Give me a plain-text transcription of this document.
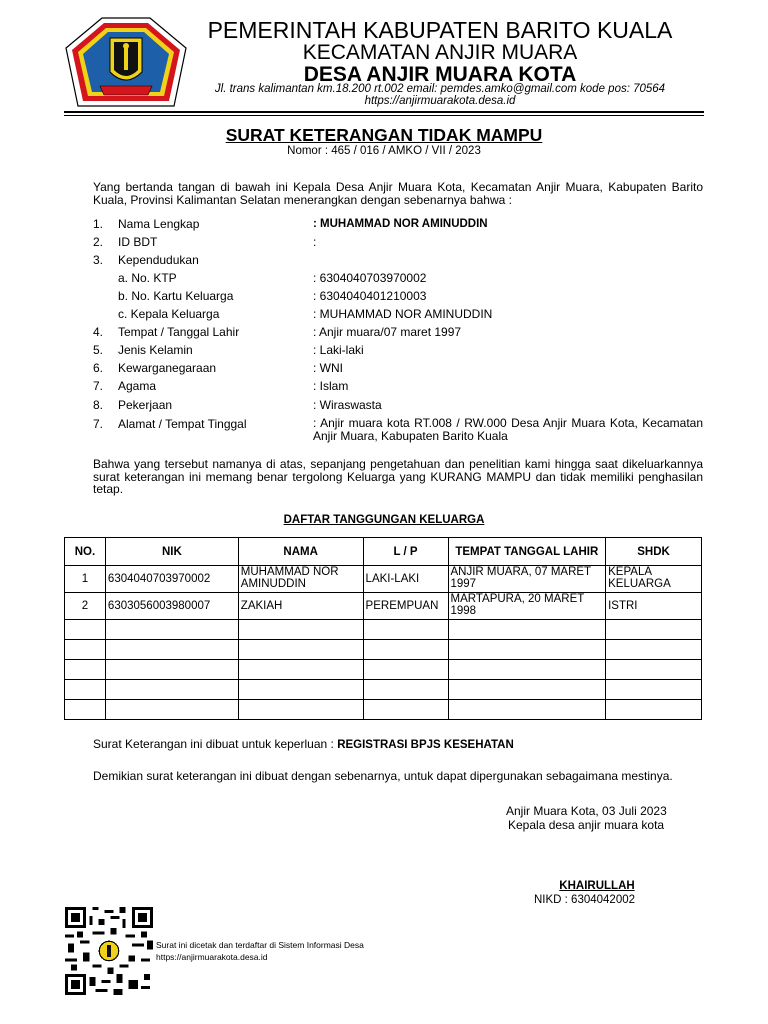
PEMERINTAH KABUPATEN BARITO KUALA
KECAMATAN ANJIR MUARA
DESA ANJIR MUARA KOTA
Jl. trans kalimantan km.18.200 rt.002 email: pemdes.amko@gmail.com kode pos: 70564
https://anjirmuarakota.desa.id
SURAT KETERANGAN TIDAK MAMPU
Nomor : 465 / 016 / AMKO / VII / 2023
Yang bertanda tangan di bawah ini Kepala Desa Anjir Muara Kota, Kecamatan Anjir Muara, Kabupaten Barito Kuala, Provinsi Kalimantan Selatan menerangkan dengan sebenarnya bahwa :
1. Nama Lengkap	: MUHAMMAD NOR AMINUDDIN
2. ID BDT	:
3. Kependudukan
a. No. KTP	: 6304040703970002
b. No. Kartu Keluarga	: 6304040401210003
c. Kepala Keluarga	: MUHAMMAD NOR AMINUDDIN
4. Tempat / Tanggal Lahir	: Anjir muara/07 maret 1997
5. Jenis Kelamin	: Laki-laki
6. Kewarganegaraan	: WNI
7. Agama	: Islam
8. Pekerjaan	: Wiraswasta
7. Alamat / Tempat Tinggal	: Anjir muara kota RT.008 / RW.000 Desa Anjir Muara Kota, Kecamatan Anjir Muara, Kabupaten Barito Kuala
Bahwa yang tersebut namanya di atas, sepanjang pengetahuan dan penelitian kami hingga saat dikeluarkannya surat keterangan ini memang benar tergolong Keluarga yang KURANG MAMPU dan tidak memiliki penghasilan tetap.
DAFTAR TANGGUNGAN KELUARGA
NO.	NIK	NAMA	L / P	TEMPAT TANGGAL LAHIR	SHDK
1	6304040703970002	MUHAMMAD NOR AMINUDDIN	LAKI-LAKI	ANJIR MUARA, 07 MARET 1997	KEPALA KELUARGA
2	6303056003980007	ZAKIAH	PEREMPUAN	MARTAPURA, 20 MARET 1998	ISTRI

Surat Keterangan ini dibuat untuk keperluan : REGISTRASI BPJS KESEHATAN
Demikian surat keterangan ini dibuat dengan sebenarnya, untuk dapat dipergunakan sebagaimana mestinya.
Anjir Muara Kota, 03 Juli 2023
Kepala desa anjir muara kota
KHAIRULLAH
NIKD : 6304042002
Surat ini dicetak dan terdaftar di Sistem Informasi Desa
https://anjirmuarakota.desa.id
